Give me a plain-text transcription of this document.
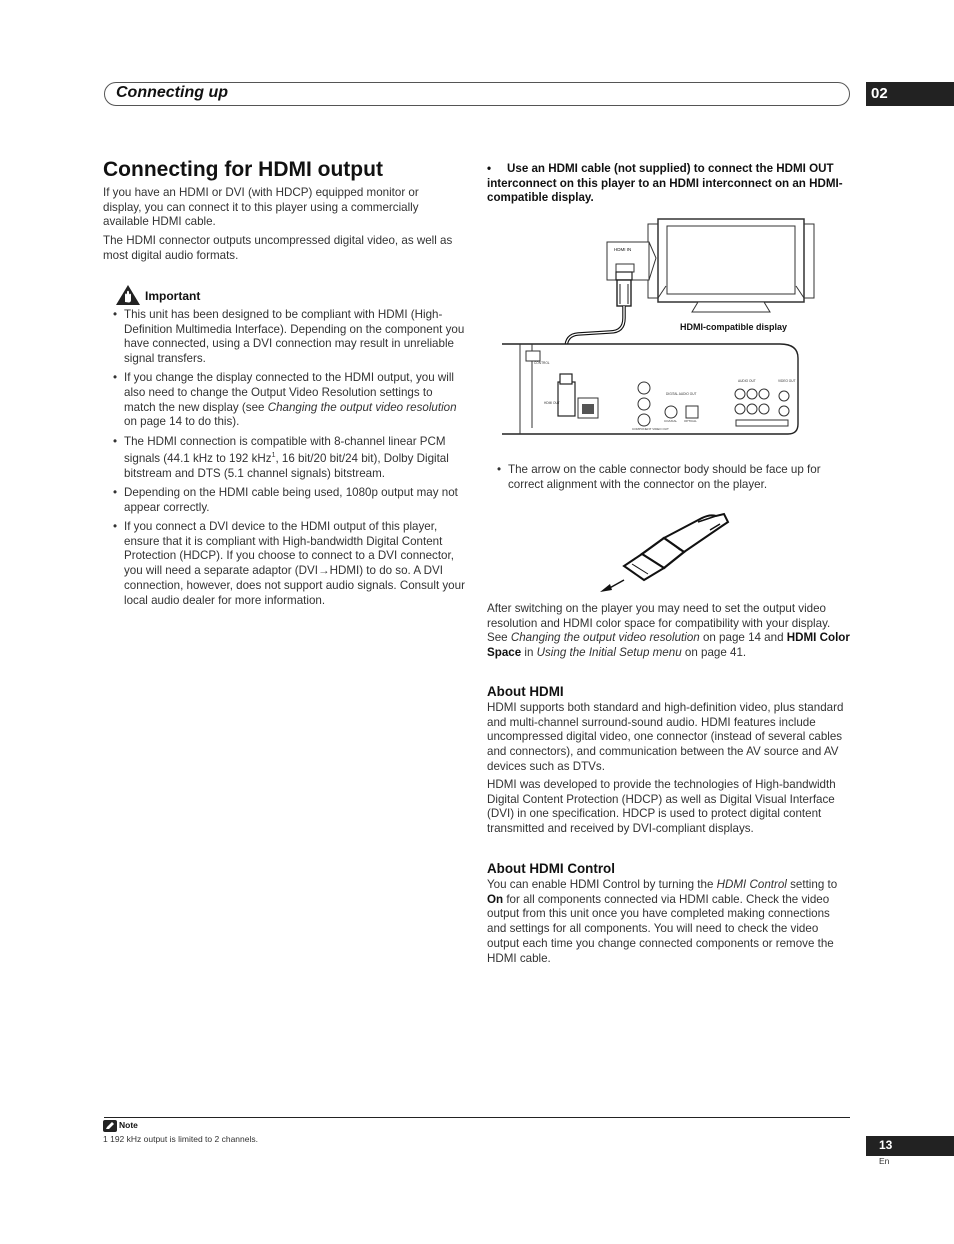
Connecting up	02
Connecting for HDMI output

If you have an HDMI or DVI (with HDCP) equipped monitor or display, you can connect it to this player using a commercially available HDMI cable.

The HDMI connector outputs uncompressed digital video, as well as most digital audio formats.

Important
• This unit has been designed to be compliant with HDMI (High-Definition Multimedia Interface). Depending on the component you have connected, using a DVI connection may result in unreliable signal transfers.
• If you change the display connected to the HDMI output, you will also need to change the Output Video Resolution settings to match the new display (see Changing the output video resolution on page 14 to do this).
• The HDMI connection is compatible with 8-channel linear PCM signals (44.1 kHz to 192 kHz$^1$, 16 bit/20 bit/24 bit), Dolby Digital bitstream and DTS (5.1 channel signals) bitstream.
• Depending on the HDMI cable being used, 1080p output may not appear correctly.
• If you connect a DVI device to the HDMI output of this player, ensure that it is compliant with High-bandwidth Digital Content Protection (HDCP). If you choose to connect to a DVI connector, you will need a separate adaptor (DVI→HDMI) to do so. A DVI connection, however, does not support audio signals. Consult your local audio dealer for more information.
•	Use an HDMI cable (not supplied) to connect the HDMI OUT interconnect on this player to an HDMI interconnect on an HDMI-compatible display.
HDMI IN
HDMI-compatible display
CONTROL
HDMI OUT
DIGITAL AUDIO OUT
COAXIAL OPTICAL
AUDIO OUT	VIDEO OUT
COMPONENT VIDEO OUT
• The arrow on the cable connector body should be face up for correct alignment with the connector on the player.

After switching on the player you may need to set the output video resolution and HDMI color space for compatibility with your display. See Changing the output video resolution on page 14 and HDMI Color Space in Using the Initial Setup menu on page 41.

About HDMI

HDMI supports both standard and high-definition video, plus standard and multi-channel surround-sound audio. HDMI features include uncompressed digital video, one connector (instead of several cables and connectors), and communication between the AV source and AV devices such as DTVs.

HDMI was developed to provide the technologies of High-bandwidth Digital Content Protection (HDCP) as well as Digital Visual Interface (DVI) in one specification. HDCP is used to protect digital content transmitted and received by DVI-compliant displays.

About HDMI Control

You can enable HDMI Control by turning the HDMI Control setting to On for all components connected via HDMI cable. Check the video output from this unit once you have completed making connections and settings for all components. You will need to check the video output each time you change connected components or remove the HDMI cable.

Note
1 192 kHz output is limited to 2 channels.	13
En
